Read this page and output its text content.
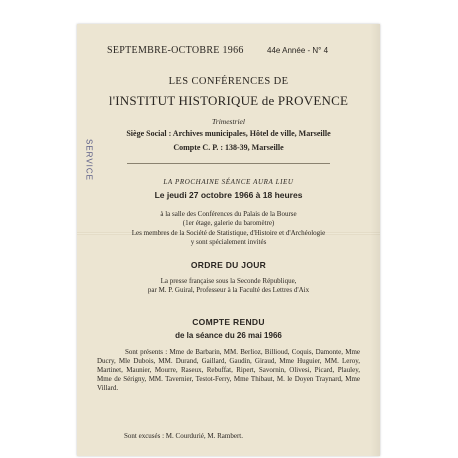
SERVICE
SEPTEMBRE-OCTOBRE 1966	44e Année - N° 4
LES CONFÉRENCES DE
l'INSTITUT HISTORIQUE de PROVENCE
Trimestriel
Siège Social : Archives municipales, Hôtel de ville, Marseille
Compte C. P. : 138-39, Marseille
LA PROCHAINE SÉANCE AURA LIEU
Le jeudi 27 octobre 1966 à 18 heures
à la salle des Conférences du Palais de la Bourse
(1er étage, galerie du baromètre)
Les membres de la Société de Statistique, d'Histoire et d'Archéologie
y sont spécialement invités
ORDRE DU JOUR
La presse française sous la Seconde République,
par M. P. Guiral, Professeur à la Faculté des Lettres d'Aix
COMPTE RENDU
de la séance du 26 mai 1966
Sont présents : Mme de Barbarin, MM. Berlioz, Billioud, Coquis, Damonte, Mme Ducry, Mle Dubois, MM. Durand, Gaillard, Gaudin, Giraud, Mme Huguier, MM. Leroy, Martinet, Maunier, Mourre, Raseux, Rebuffat, Ripert, Savornin, Olivesi, Picard, Plauley, Mme de Sérigny, MM. Tavernier, Testot-Ferry, Mme Thibaut, M. le Doyen Traynard, Mme Villard.
Sont excusés : M. Courdurié, M. Rambert.
